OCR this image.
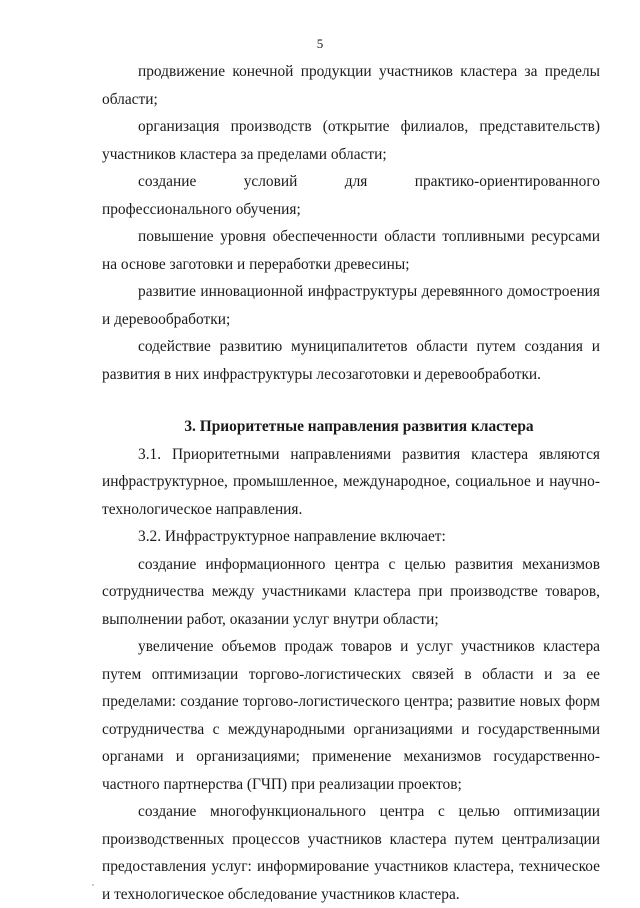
5

продвижение конечной продукции участников кластера за пределы области;

организация производств (открытие филиалов, представительств) участников кластера за пределами области;

создание условий для практико-ориентированного профессионального обучения;

повышение уровня обеспеченности области топливными ресурсами на основе заготовки и переработки древесины;

развитие инновационной инфраструктуры деревянного домостроения и деревообработки;

содействие развитию муниципалитетов области путем создания и развития в них инфраструктуры лесозаготовки и деревообработки.

3. Приоритетные направления развития кластера

3.1. Приоритетными направлениями развития кластера являются инфраструктурное, промышленное, международное, социальное и научно-технологическое направления.

3.2. Инфраструктурное направление включает:

создание информационного центра с целью развития механизмов сотрудничества между участниками кластера при производстве товаров, выполнении работ, оказании услуг внутри области;

увеличение объемов продаж товаров и услуг участников кластера путем оптимизации торгово-логистических связей в области и за ее пределами: создание торгово-логистического центра; развитие новых форм сотрудничества с международными организациями и государственными органами и организациями; применение механизмов государственно-частного партнерства (ГЧП) при реализации проектов;

создание многофункционального центра с целью оптимизации производственных процессов участников кластера путем централизации предоставления услуг: информирование участников кластера, техническое и технологическое обследование участников кластера.
